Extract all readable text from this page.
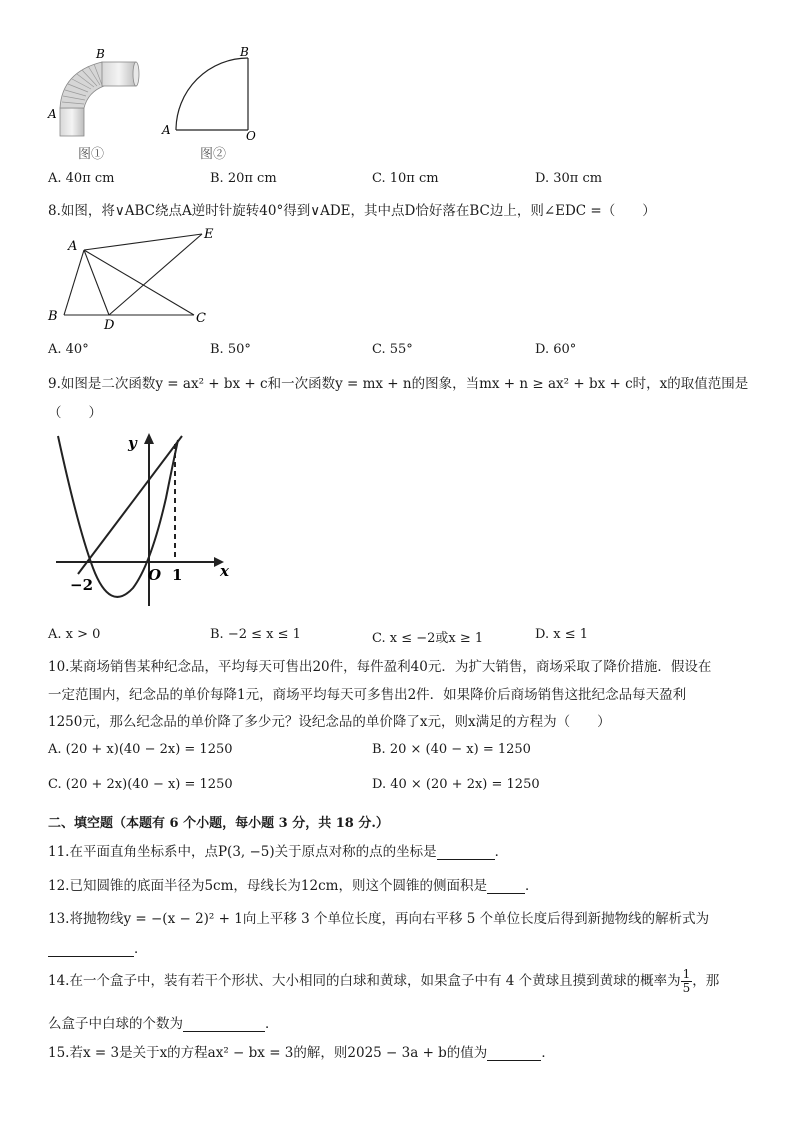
B
A
图①
B
A	O
图②
A. 40π cm	B. 20π cm	C. 10π cm	D. 30π cm
8.如图，将∨ABC绕点A逆时针旋转40°得到∨ADE，其中点D恰好落在BC边上，则∠EDC =（　　）
A
E
B
D	C
A. 40°	B. 50°	C. 55°	D. 60°
9.如图是二次函数y = ax² + bx + c和一次函数y = mx + n的图象，当mx + n ≥ ax² + bx + c时，x的取值范围是
（　　）
y
x
O
−2
1
A. x > 0	B. −2 ≤ x ≤ 1	C. x ≤ −2或x ≥ 1	D. x ≤ 1
10.某商场销售某种纪念品，平均每天可售出20件，每件盈利40元．为扩大销售，商场采取了降价措施．假设在
一定范围内，纪念品的单价每降1元，商场平均每天可多售出2件．如果降价后商场销售这批纪念品每天盈利
1250元，那么纪念品的单价降了多少元？设纪念品的单价降了x元，则x满足的方程为（　　）
A. (20 + x)(40 − 2x) = 1250	B. 20 × (40 − x) = 1250
C. (20 + 2x)(40 − x) = 1250	D. 40 × (20 + 2x) = 1250
二、填空题（本题有 6 个小题，每小题 3 分，共 18 分.）
11.在平面直角坐标系中，点P(3, −5)关于原点对称的点的坐标是	．
12.已知圆锥的底面半径为5cm，母线长为12cm，则这个圆锥的侧面积是	．
13.将抛物线y = −(x − 2)² + 1向上平移 3 个单位长度，再向右平移 5 个单位长度后得到新抛物线的解析式为
．
14.在一个盒子中，装有若干个形状、大小相同的白球和黄球，如果盒子中有 4 个黄球且摸到黄球的概率为 $\frac{1}{5}$ ，那
么盒子中白球的个数为	．
15.若x = 3是关于x的方程ax² − bx = 3的解，则2025 − 3a + b的值为	．
